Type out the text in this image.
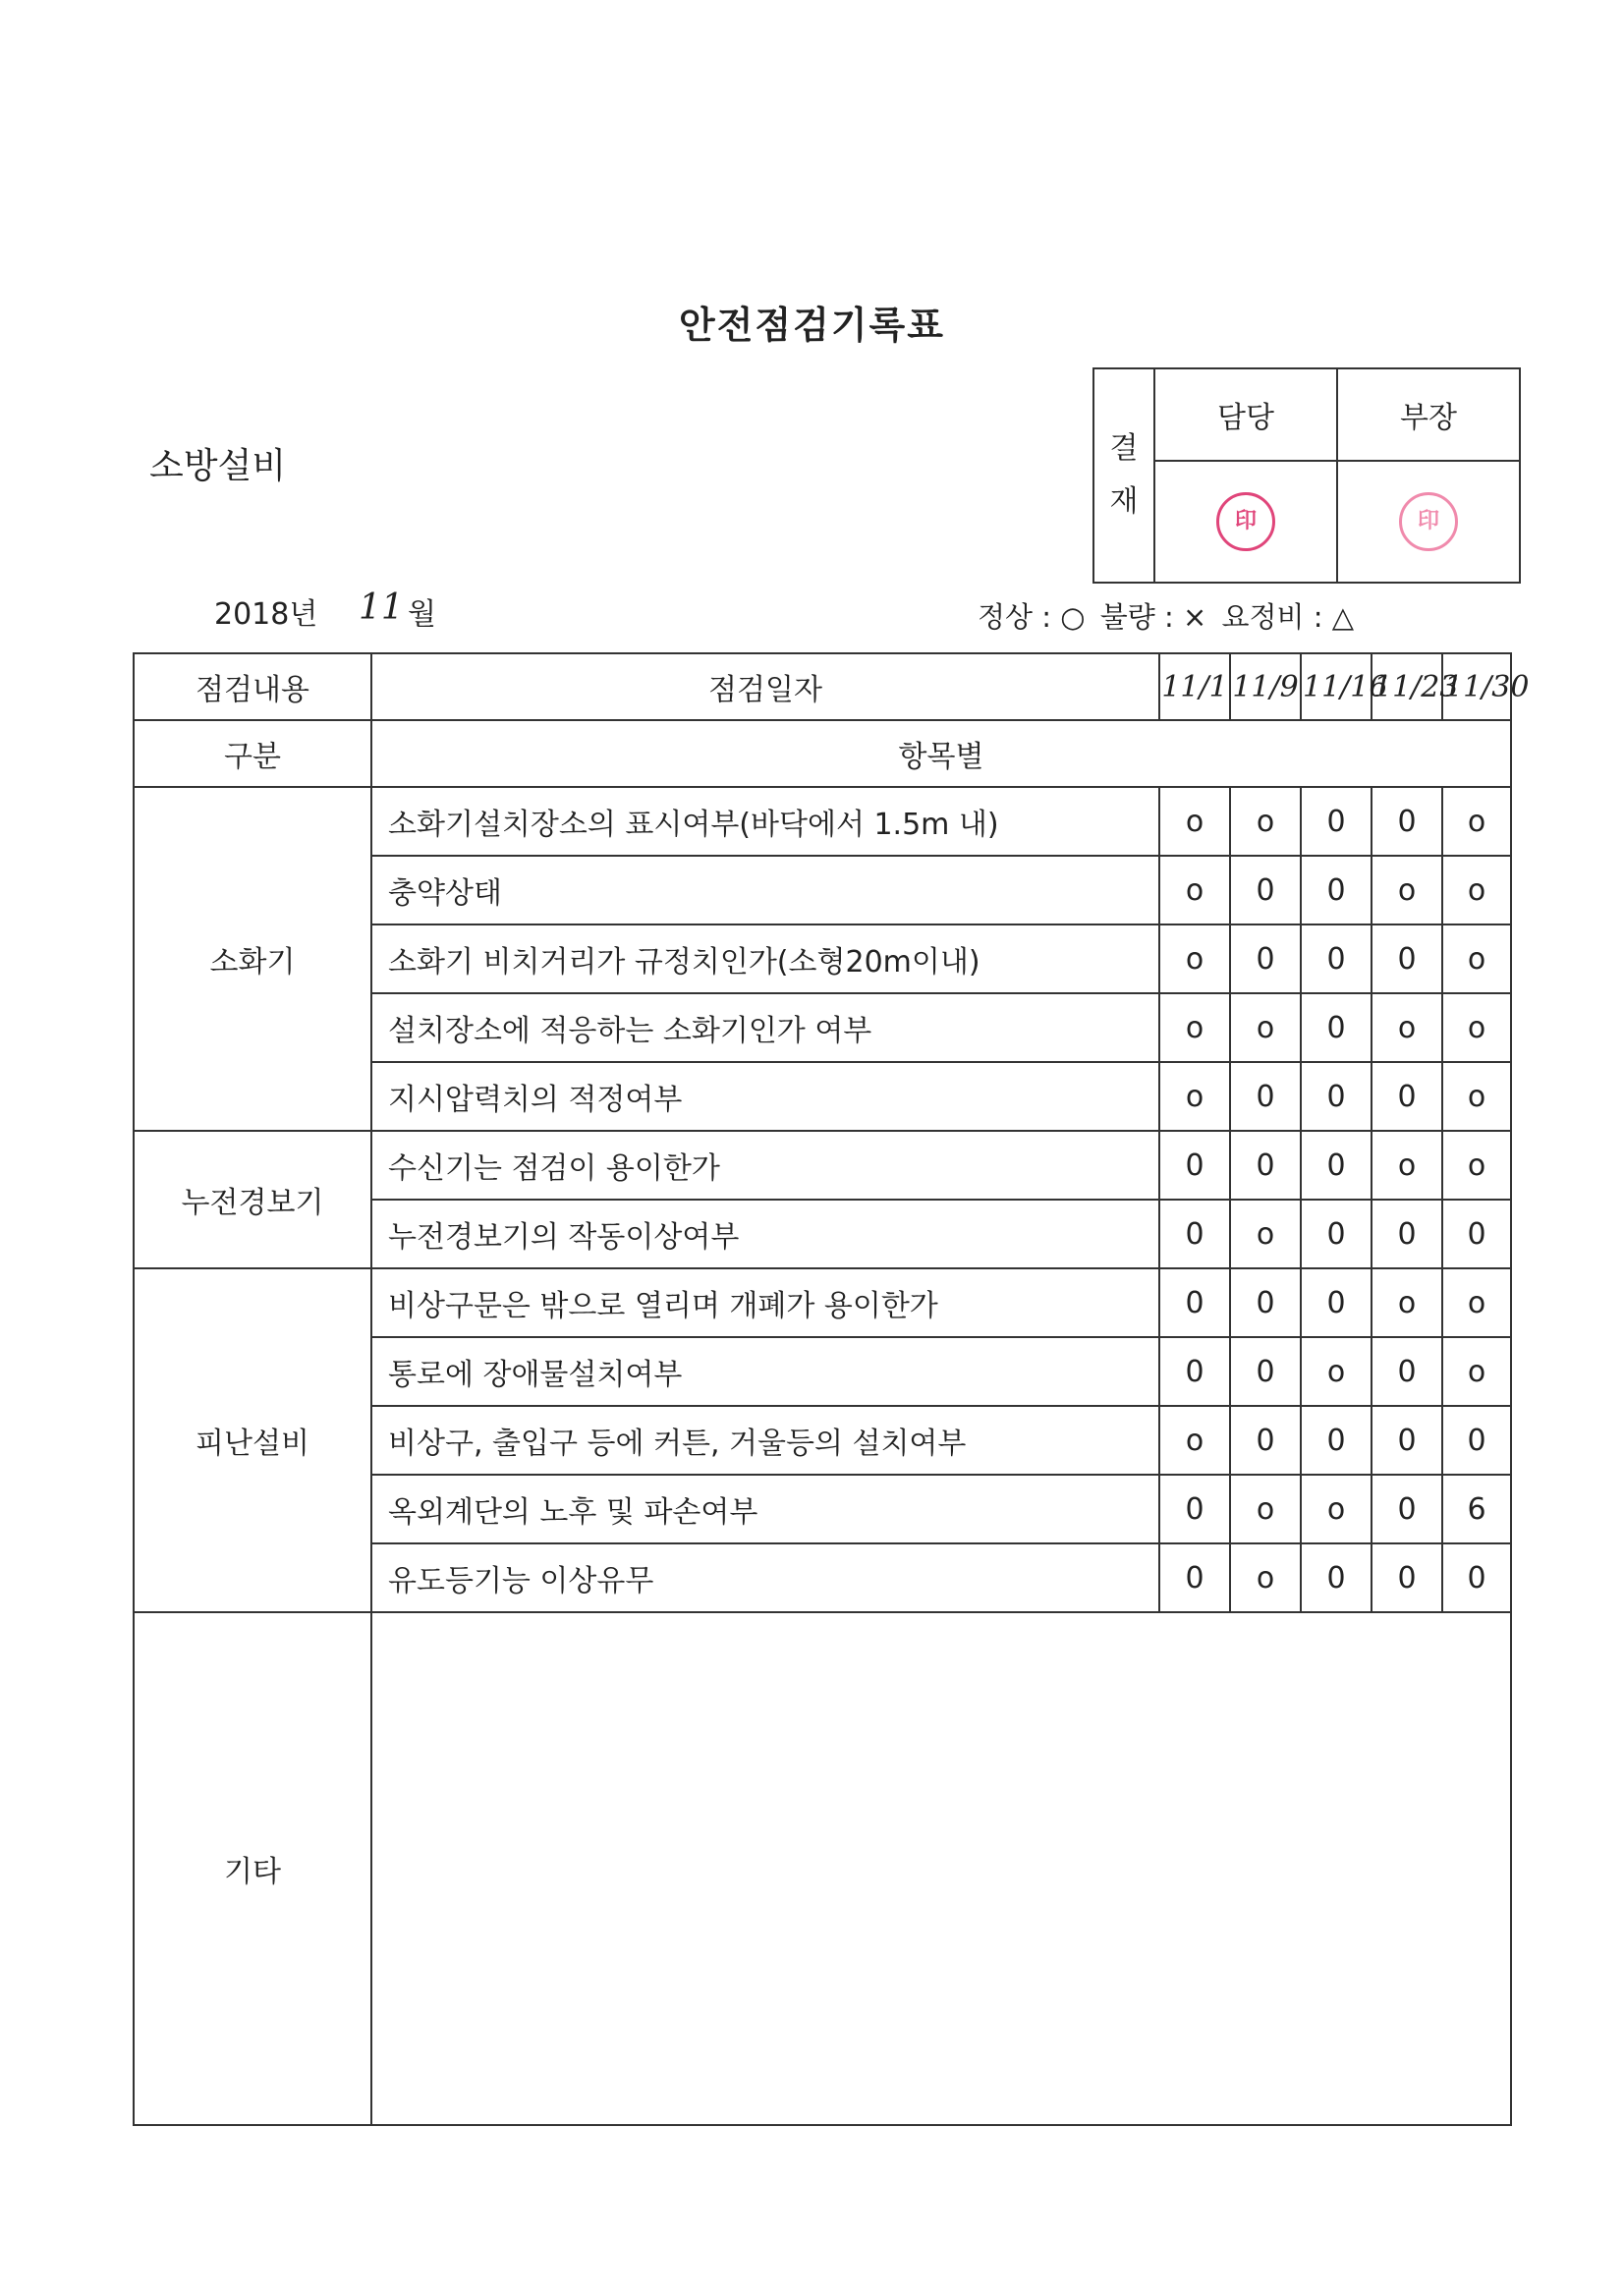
안전점검기록표
소방설비	결
재	담당	부장
	印	印
2018년 11 월	정상 : ○ 불량 : × 요정비 : △
점검내용	점검일자	11/1	11/9	11/16	11/23	11/30
구분	항목별					
소화기	소화기설치장소의 표시여부(바닥에서 1.5m 내)	o	o	0	0	o
	충약상태	o	0	0	o	o
	소화기 비치거리가 규정치인가(소형20m이내)	o	0	0	0	o
	설치장소에 적응하는 소화기인가 여부	o	o	0	o	o
	지시압력치의 적정여부	o	0	0	0	o
누전경보기	수신기는 점검이 용이한가	0	0	0	o	o
	누전경보기의 작동이상여부	0	o	0	0	0
피난설비	비상구문은 밖으로 열리며 개폐가 용이한가	0	0	0	o	o
	통로에 장애물설치여부	0	0	o	0	o
	비상구, 출입구 등에 커튼, 거울등의 설치여부	o	0	0	0	0
	옥외계단의 노후 및 파손여부	0	o	o	0	6
	유도등기능 이상유무	0	o	0	0	0
기타						
